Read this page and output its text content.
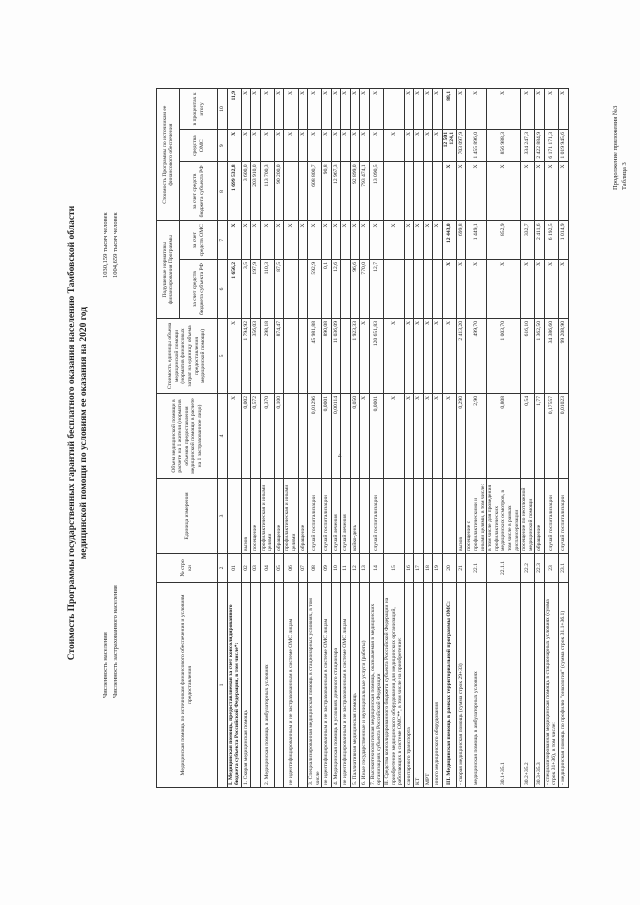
Продолжение приложения №3 Таблица 3
4
Стоимость Программы государственных гарантий бесплатного оказания населению Тамбовской области медицинской помощи по условиям ее оказания на 2020 год
Численность населения Численность застрахованного населения
1030,159 тысяч человек 1004,659 тысяч человек
Медицинская помощь по источникам финансового обеспечения и условиям предоставления	№ стро ки	Единица измерения	Объем медицинской помощи в расчете на 1 жителя (норматив объемов предоставления медицинской помощи в расчете на 1 застрахованное лицо)	Стоимость единицы объема медицинской помощи (норматив финансовых затрат на единицу объема предоставления медицинской помощи)	Подушевые нормативы финансирования Программы		Стоимость Программы по источникам ее финансового обеспечения		
					за счет средств бюджета субъекта РФ	за счет средств ОМС	за счет средств бюджета субъекта РФ	средства ОМС	в процентах к итогу
1	2	3	4	5	6	7	8	9	10
I. Медицинская помощь, предоставляемая за счет консолидированного бюджета субъекта Российской Федерации, в том числе*:	01		Х	Х	1 656,2	Х	1 699 532,8	Х	11,9
1. Скорая медицинская помощь	02	вызов	0,002	1 794,92	3,5	Х	3 600,0	Х	Х
	03	посещение	0,572	356,03	197,9	Х	203 910,0	Х	Х
2. Медицинская помощь в амбулаторных условиях	04	профилактическая и иными целями	0,370	298,18	110,3	Х	113 700,3	Х	Х
	05	обращение	0,100	874,47	87,5	Х	90 200,0	Х	Х
не идентифицированным и не застрахованным в системе ОМС лицам	06	профилактическая и иными целями				Х		Х	Х
	07	обращение				Х		Х	Х
3. Специализированная медицинская помощь в стационарных условиях, в том числе	08	случай госпитализации	0,01296	45 981,88	592,9	Х	608 800,7	Х	Х
не идентифицированным и не застрахованным в системе ОМС лицам	09	случай госпитализации	0,0001	890,08	0,1	Х	90,8	Х	Х
4. Медицинская помощь в условиях дневного стационара	10	случай лечения	0,00114	11 036,09	12,6	Х	12 967,3	Х	Х
не идентифицированным и не застрахованным в системе ОМС лицам	11	случай лечения				Х		Х	Х
5. Паллиативная медицинская помощь	12	койко-день	0,050	1 923,33	96,6	Х	92 899,0	Х	Х
6. Иные государственные и муниципальные услуги (работы)	13		Х	Х	770,0	Х	793 474,1	Х	Х
7. Высокотехнологичная медицинская помощь, оказываемая в медицинских организациях субъекта Российской Федерации	14	случай госпитализации	0,0001	120 651,83	12,7	Х	13 090,5	Х	Х
II. Средства консолидированного бюджета субъекта Российской Федерации на приобретение медицинского оборудования для медицинских организаций, работающих в системе ОМС**, в том числе на приобретение:	15		Х	Х		Х		Х	
санитарного транспорта	16		Х	Х		Х		Х	Х
КТ	17		Х	Х		Х		Х	Х
МРТ	18		Х	Х		Х		Х	Х
иного медицинского оборудования	19		Х	Х		Х		Х	Х
III. Медицинская помощь в рамках территориальной программы ОМС:	20		Х	Х	Х	12 443,0	Х	12 501 124,1	88,1
- скорая медицинская помощь (сумма строк 29+33)	21	вызов	0,290	2 413,20	Х	699,8	Х	703 097,9	Х
медицинская помощь в амбулаторных условиях	22.1	посещение с профилактическими и иными целями, в том числе:	2,90	499,70	Х	1 449,1	Х	1 455 896,0	Х
30.1+35.1	22.1.1	в том числе для проведения профилактических медицинских осмотров, в том числе в рамках диспансеризации	0,808	1 003,70	Х	852,9	Х	856 988,3	Х
30.2+35.2	22.2	посещение по неотложной медицинской помощи	0,54	616,10	Х	332,7	Х	334 247,3	Х
30.3+35.3	22.3	обращение	1,77	1 362,50	Х	2 411,6	Х	2 422 884,9	Х
- специализированная медицинская помощь в стационарных условиях (сумма строк 31+36), в том числе:	23	случай госпитализации	0,17557	34 386,60	Х	6 192,5	Х	6 171 171,3	Х
- медицинская помощь по профилю "онкология" (сумма строк 31.1+36.1)	23.1	случай госпитализации	0,01023	99 208,90	Х	1 014,9	Х	1 019 945,6	Х
